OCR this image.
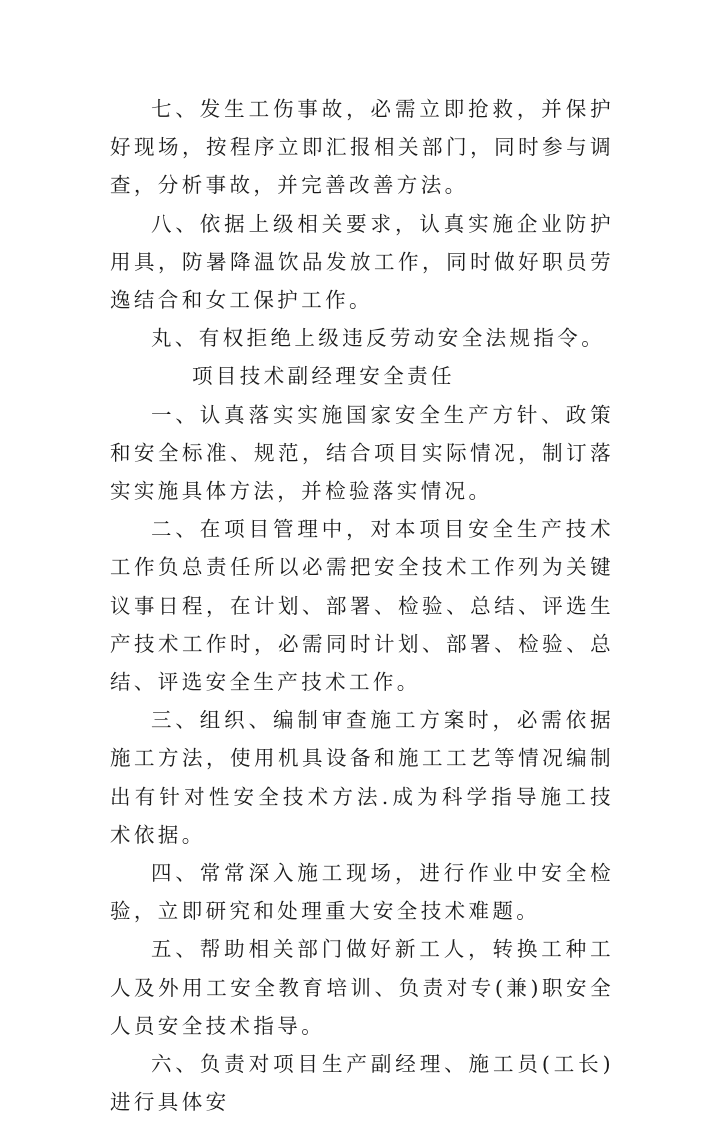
七、发生工伤事故，必需立即抢救，并保护好现场，按程序立即汇报相关部门，同时参与调查，分析事故，并完善改善方法。

八、依据上级相关要求，认真实施企业防护用具，防暑降温饮品发放工作，同时做好职员劳逸结合和女工保护工作。

丸、有权拒绝上级违反劳动安全法规指令。

项目技术副经理安全责任

一、认真落实实施国家安全生产方针、政策和安全标准、规范，结合项目实际情况，制订落实实施具体方法，并检验落实情况。

二、在项目管理中，对本项目安全生产技术工作负总责任所以必需把安全技术工作列为关键议事日程，在计划、部署、检验、总结、评选生产技术工作时，必需同时计划、部署、检验、总结、评选安全生产技术工作。

三、组织、编制审查施工方案时，必需依据施工方法，使用机具设备和施工工艺等情况编制出有针对性安全技术方法.成为科学指导施工技术依据。

四、常常深入施工现场，进行作业中安全检验，立即研究和处理重大安全技术难题。

五、帮助相关部门做好新工人，转换工种工人及外用工安全教育培训、负责对专(兼)职安全人员安全技术指导。

六、负责对项目生产副经理、施工员(工长)进行具体安
